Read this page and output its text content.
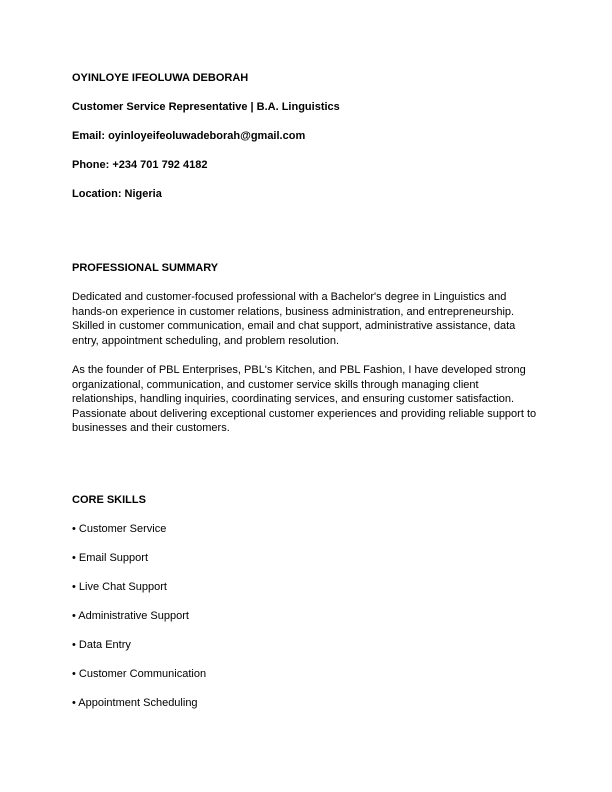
OYINLOYE IFEOLUWA DEBORAH
Customer Service Representative | B.A. Linguistics
Email: oyinloyeifeoluwadeborah@gmail.com
Phone: +234 701 792 4182
Location: Nigeria
PROFESSIONAL SUMMARY
Dedicated and customer-focused professional with a Bachelor's degree in Linguistics and
hands-on experience in customer relations, business administration, and entrepreneurship.
Skilled in customer communication, email and chat support, administrative assistance, data
entry, appointment scheduling, and problem resolution.
As the founder of PBL Enterprises, PBL's Kitchen, and PBL Fashion, I have developed strong
organizational, communication, and customer service skills through managing client
relationships, handling inquiries, coordinating services, and ensuring customer satisfaction.
Passionate about delivering exceptional customer experiences and providing reliable support to
businesses and their customers.
CORE SKILLS
• Customer Service
• Email Support
• Live Chat Support
• Administrative Support
• Data Entry
• Customer Communication
• Appointment Scheduling
